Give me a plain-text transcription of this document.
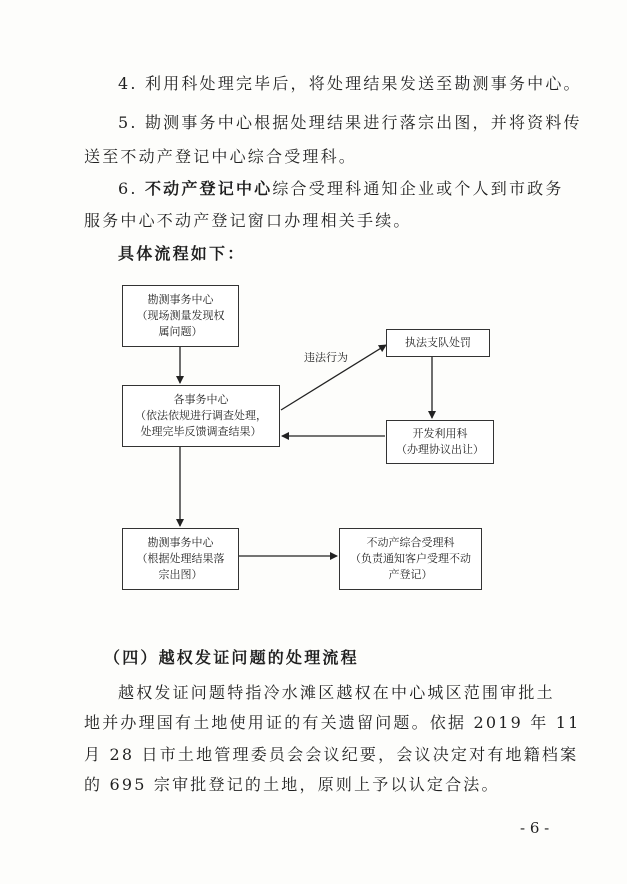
4. 利用科处理完毕后，将处理结果发送至勘测事务中心。
5. 勘测事务中心根据处理结果进行落宗出图，并将资料传
送至不动产登记中心综合受理科。
6. 不动产登记中心综合受理科通知企业或个人到市政务
服务中心不动产登记窗口办理相关手续。
具体流程如下：
勘测事务中心
（现场测量发现权
属问题）
各事务中心
（依法依规进行调查处理，
处理完毕反馈调查结果）
执法支队处罚
开发利用科
（办理协议出让）
勘测事务中心
（根据处理结果落
宗出图）
不动产综合受理科
（负责通知客户受理不动
产登记）
违法行为
（四）越权发证问题的处理流程
越权发证问题特指冷水滩区越权在中心城区范围审批土
地并办理国有土地使用证的有关遗留问题。依据 2019 年 11
月 28 日市土地管理委员会会议纪要，会议决定对有地籍档案
的 695 宗审批登记的土地，原则上予以认定合法。
- 6 -
